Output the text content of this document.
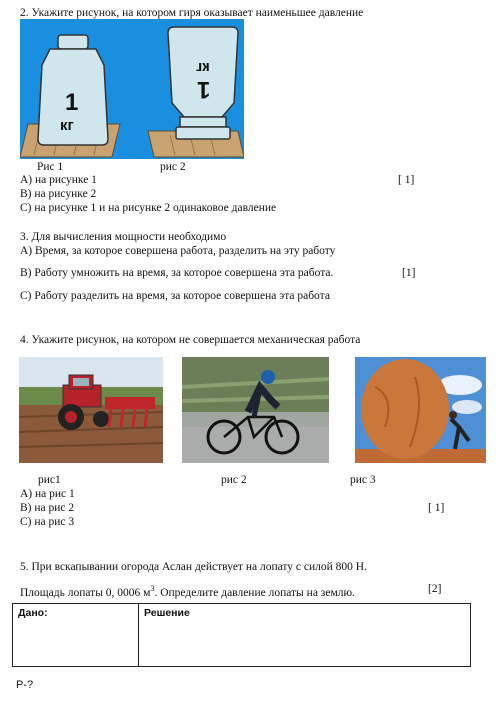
2. Укажите рисунок, на котором гиря оказывает наименьшее давление
1
кг
1
кг
Рис 1	рис 2
А) на рисунке 1	[ 1]
В) на рисунке 2
С) на рисунке 1 и на рисунке 2 одинаковое давление
3. Для вычисления мощности необходимо
А) Время, за которое совершена работа, разделить на эту работу
В) Работу умножить на время, за которое совершена эта работа.	[1]
С) Работу разделить на время, за которое совершена эта работа
4. Укажите рисунок, на котором не совершается механическая работа
рис1	рис 2	рис 3
А) на рис 1
В) на рис 2	[ 1]
С) на рис 3
5. При вскапывании огорода Аслан действует на лопату с силой 800 Н.
Площадь лопаты 0, 0006 $м^3$. Определите давление лопаты на землю.	[2]
Дано:	Решение
Р-?
